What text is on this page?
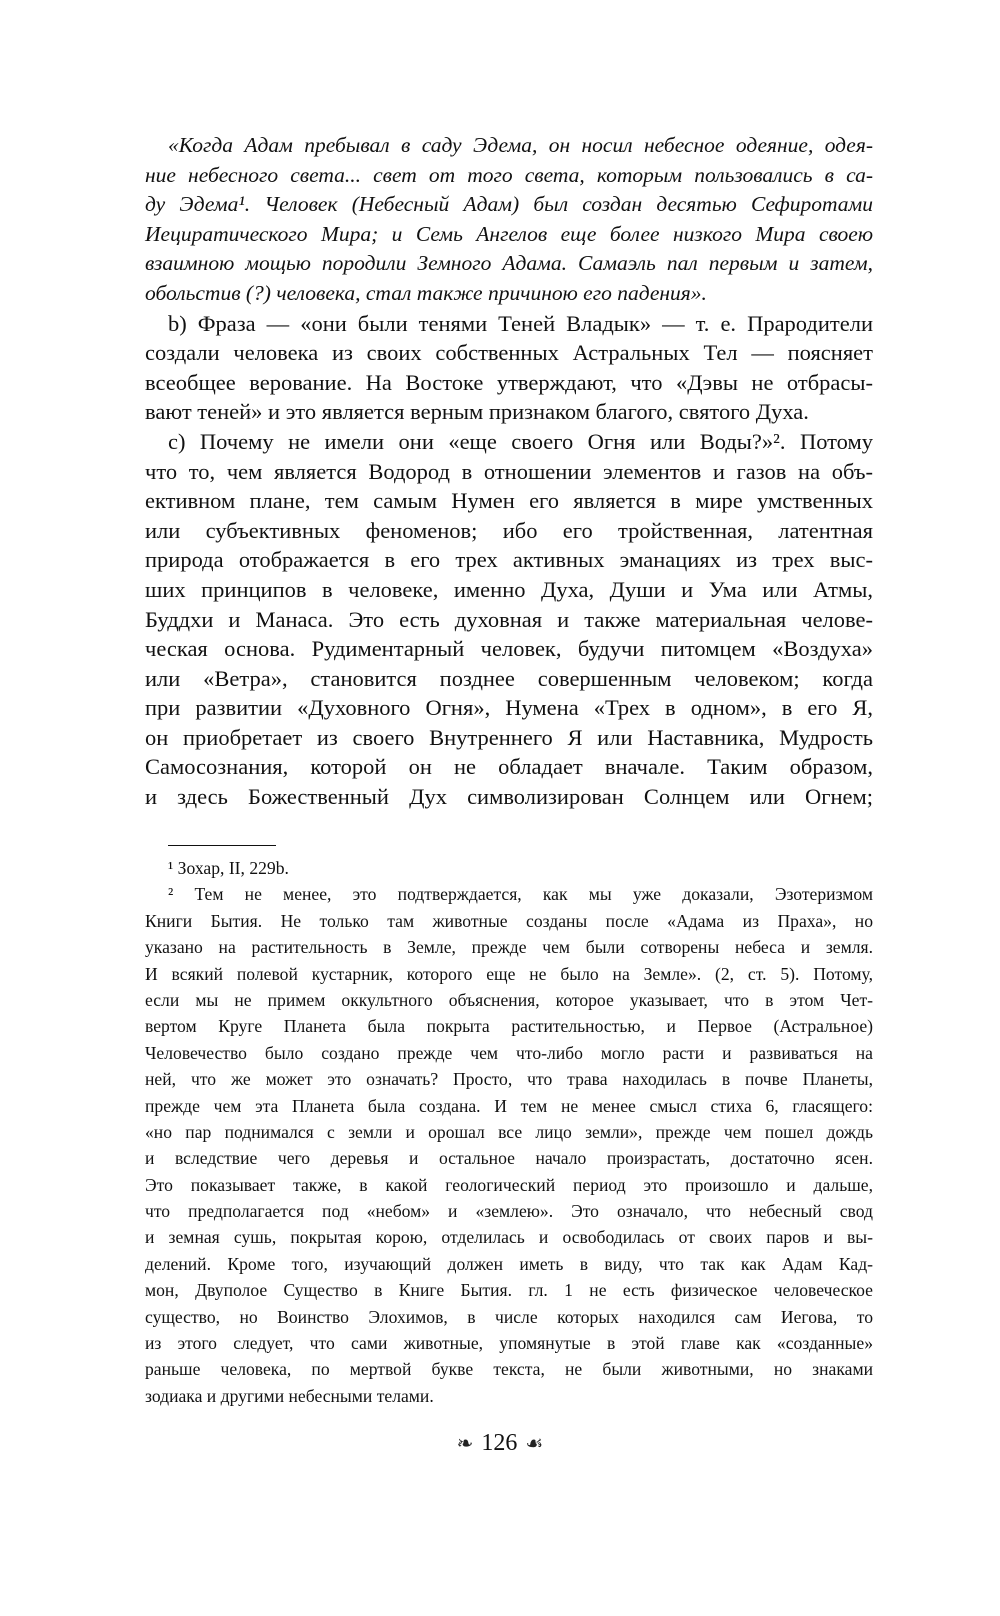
«Когда Адам пребывал в саду Эдема, он носил небесное одеяние, одея-
ние небесного света... свет от того света, которым пользовались в са-
ду Эдема¹. Человек (Небесный Адам) был создан десятью Сефиротами
Иециратического Мира; и Семь Ангелов еще более низкого Мира своею
взаимною мощью породили Земного Адама. Самаэль пал первым и затем,
обольстив (?) человека, стал также причиною его падения».
b) Фраза — «они были тенями Теней Владык» — т. е. Прародители
создали человека из своих собственных Астральных Тел — поясняет
всеобщее верование. На Востоке утверждают, что «Дэвы не отбрасы-
вают теней» и это является верным признаком благого, святого Духа.
c) Почему не имели они «еще своего Огня или Воды?»². Потому
что то, чем является Водород в отношении элементов и газов на объ-
ективном плане, тем самым Нумен его является в мире умственных
или субъективных феноменов; ибо его тройственная, латентная
природа отображается в его трех активных эманациях из трех выс-
ших принципов в человеке, именно Духа, Души и Ума или Атмы,
Буддхи и Манаса. Это есть духовная и также материальная челове-
ческая основа. Рудиментарный человек, будучи питомцем «Воздуха»
или «Ветра», становится позднее совершенным человеком; когда
при развитии «Духовного Огня», Нумена «Трех в одном», в его Я,
он приобретает из своего Внутреннего Я или Наставника, Мудрость
Самосознания, которой он не обладает вначале. Таким образом,
и здесь Божественный Дух символизирован Солнцем или Огнем;
¹ Зохар, II, 229b.
² Тем не менее, это подтверждается, как мы уже доказали, Эзотеризмом
Книги Бытия. Не только там животные созданы после «Адама из Праха», но
указано на растительность в Земле, прежде чем были сотворены небеса и земля.
И всякий полевой кустарник, которого еще не было на Земле». (2, ст. 5). Потому,
если мы не примем оккультного объяснения, которое указывает, что в этом Чет-
вертом Круге Планета была покрыта растительностью, и Первое (Астральное)
Человечество было создано прежде чем что-либо могло расти и развиваться на
ней, что же может это означать? Просто, что трава находилась в почве Планеты,
прежде чем эта Планета была создана. И тем не менее смысл стиха 6, гласящего:
«но пар поднимался с земли и орошал все лицо земли», прежде чем пошел дождь
и вследствие чего деревья и остальное начало произрастать, достаточно ясен.
Это показывает также, в какой геологический период это произошло и дальше,
что предполагается под «небом» и «землею». Это означало, что небесный свод
и земная сушь, покрытая корою, отделилась и освободилась от своих паров и вы-
делений. Кроме того, изучающий должен иметь в виду, что так как Адам Кад-
мон, Двуполое Существо в Книге Бытия. гл. 1 не есть физическое человеческое
существо, но Воинство Элохимов, в числе которых находился сам Иегова, то
из этого следует, что сами животные, упомянутые в этой главе как «созданные»
раньше человека, по мертвой букве текста, не были животными, но знаками
зодиака и другими небесными телами.
❧ 126 ☙
